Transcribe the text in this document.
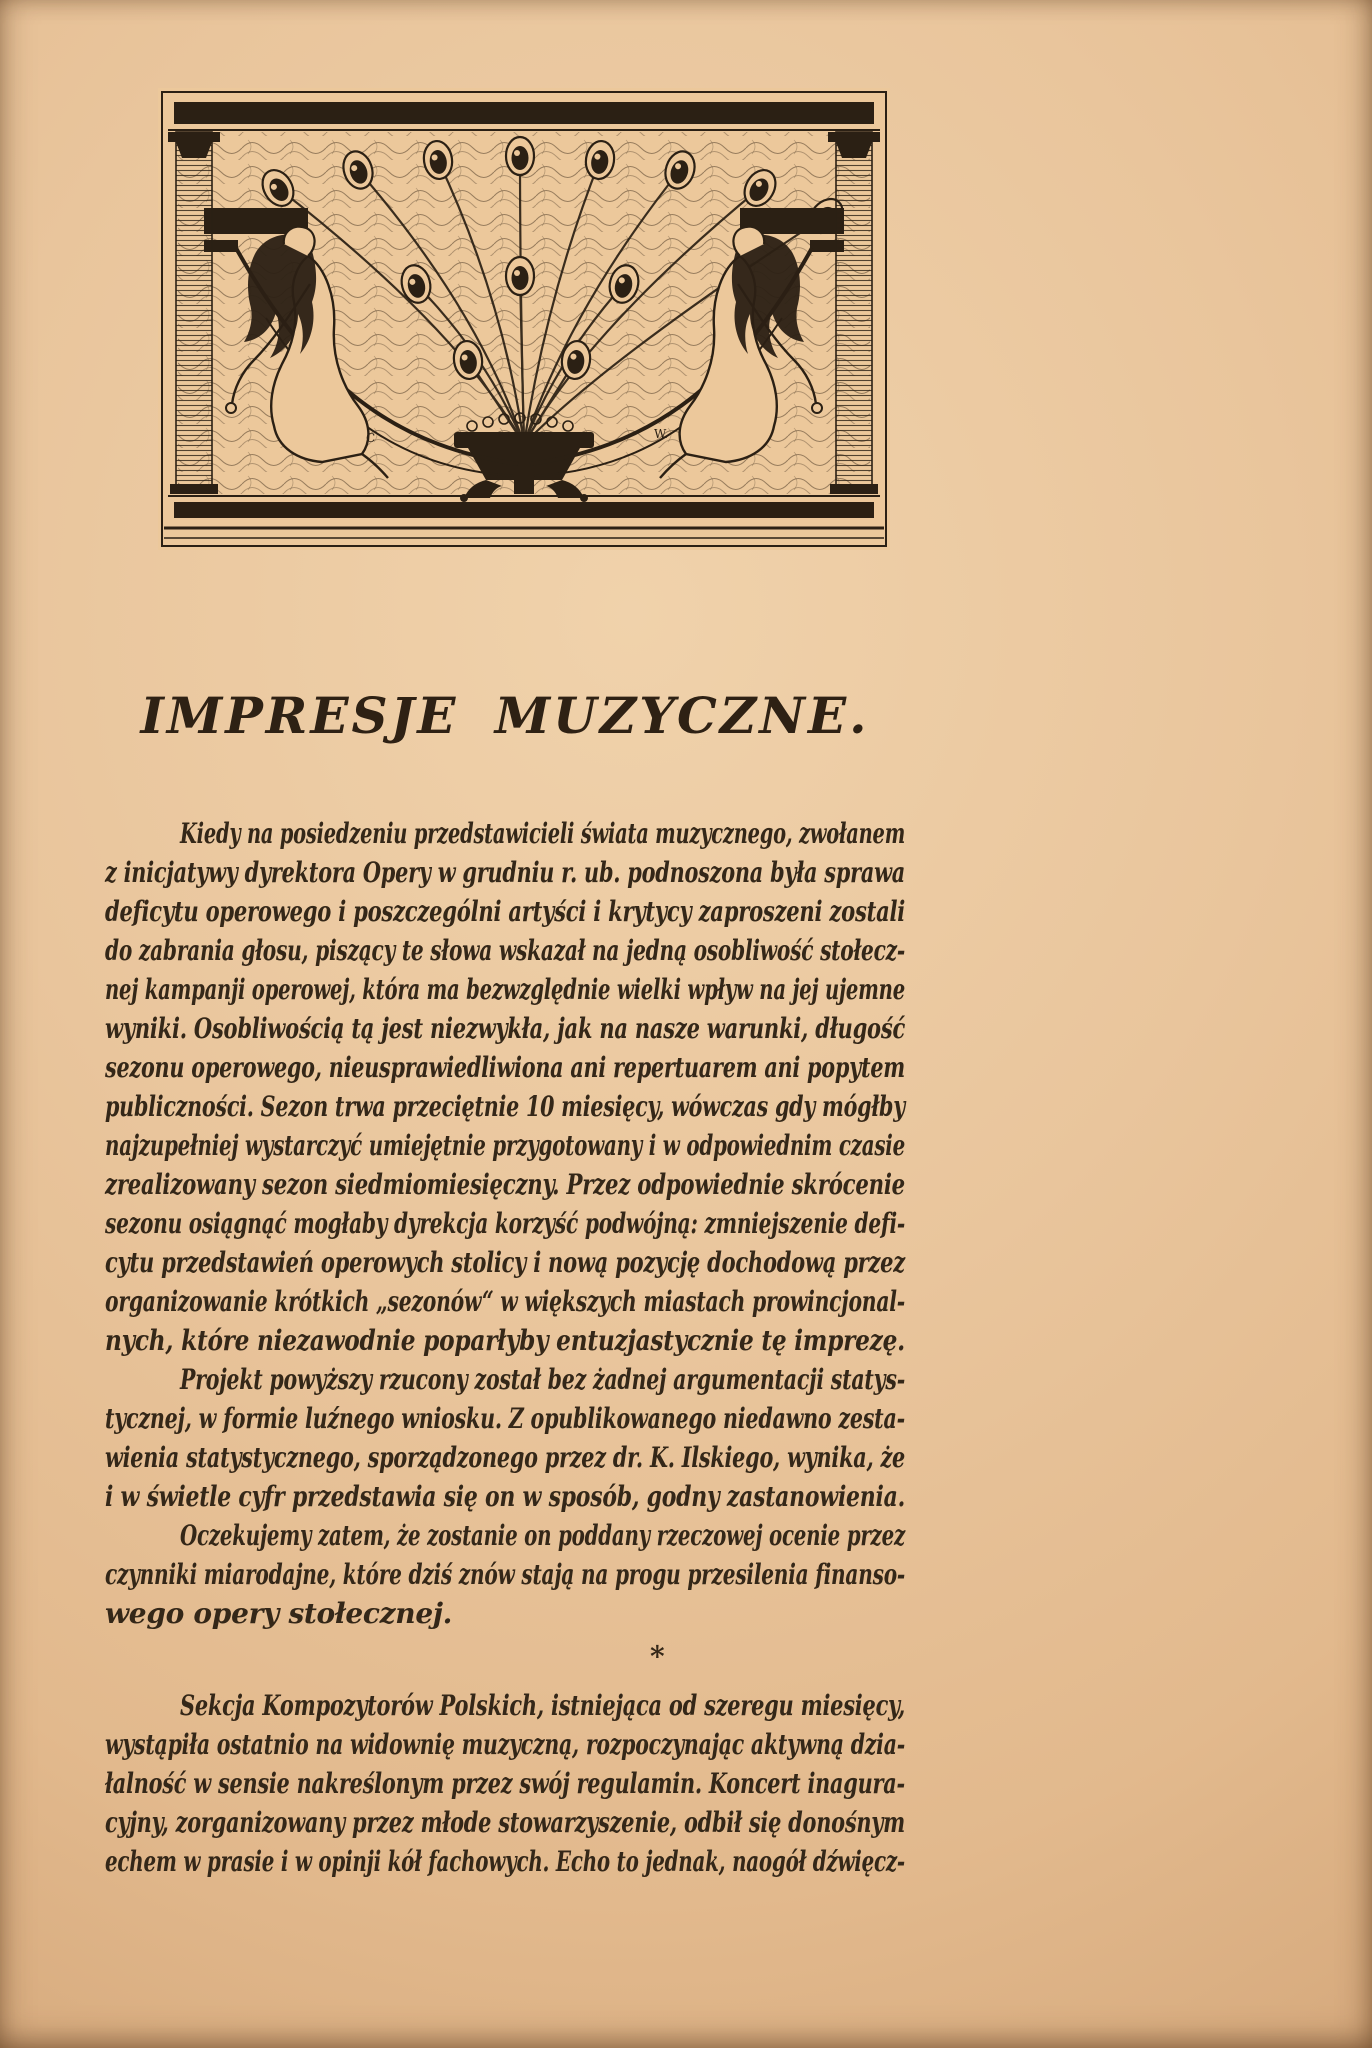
C	W.
IMPRESJE MUZYCZNE.
Kiedy na posiedzeniu przedstawicieli świata muzycznego, zwołanem
z inicjatywy dyrektora Opery w grudniu r. ub. podnoszona była sprawa
deficytu operowego i poszczególni artyści i krytycy zaproszeni zostali
do zabrania głosu, piszący te słowa wskazał na jedną osobliwość stołecz-
nej kampanji operowej, która ma bezwzględnie wielki wpływ na jej ujemne
wyniki. Osobliwością tą jest niezwykła, jak na nasze warunki, długość
sezonu operowego, nieusprawiedliwiona ani repertuarem ani popytem
publiczności. Sezon trwa przeciętnie 10 miesięcy, wówczas gdy mógłby
najzupełniej wystarczyć umiejętnie przygotowany i w odpowiednim czasie
zrealizowany sezon siedmiomiesięczny. Przez odpowiednie skrócenie
sezonu osiągnąć mogłaby dyrekcja korzyść podwójną: zmniejszenie defi-
cytu przedstawień operowych stolicy i nową pozycję dochodową przez
organizowanie krótkich „sezonów“ w większych miastach prowincjonal-
nych, które niezawodnie poparłyby entuzjastycznie tę imprezę.
Projekt powyższy rzucony został bez żadnej argumentacji statys-
tycznej, w formie luźnego wniosku. Z opublikowanego niedawno zesta-
wienia statystycznego, sporządzonego przez dr. K. Ilskiego, wynika, że
i w świetle cyfr przedstawia się on w sposób, godny zastanowienia.
Oczekujemy zatem, że zostanie on poddany rzeczowej ocenie przez
czynniki miarodajne, które dziś znów stają na progu przesilenia finanso-
wego opery stołecznej.
*
Sekcja Kompozytorów Polskich, istniejąca od szeregu miesięcy,
wystąpiła ostatnio na widownię muzyczną, rozpoczynając aktywną dzia-
łalność w sensie nakreślonym przez swój regulamin. Koncert inagura-
cyjny, zorganizowany przez młode stowarzyszenie, odbił się donośnym
echem w prasie i w opinji kół fachowych. Echo to jednak, naogół dźwięcz-
